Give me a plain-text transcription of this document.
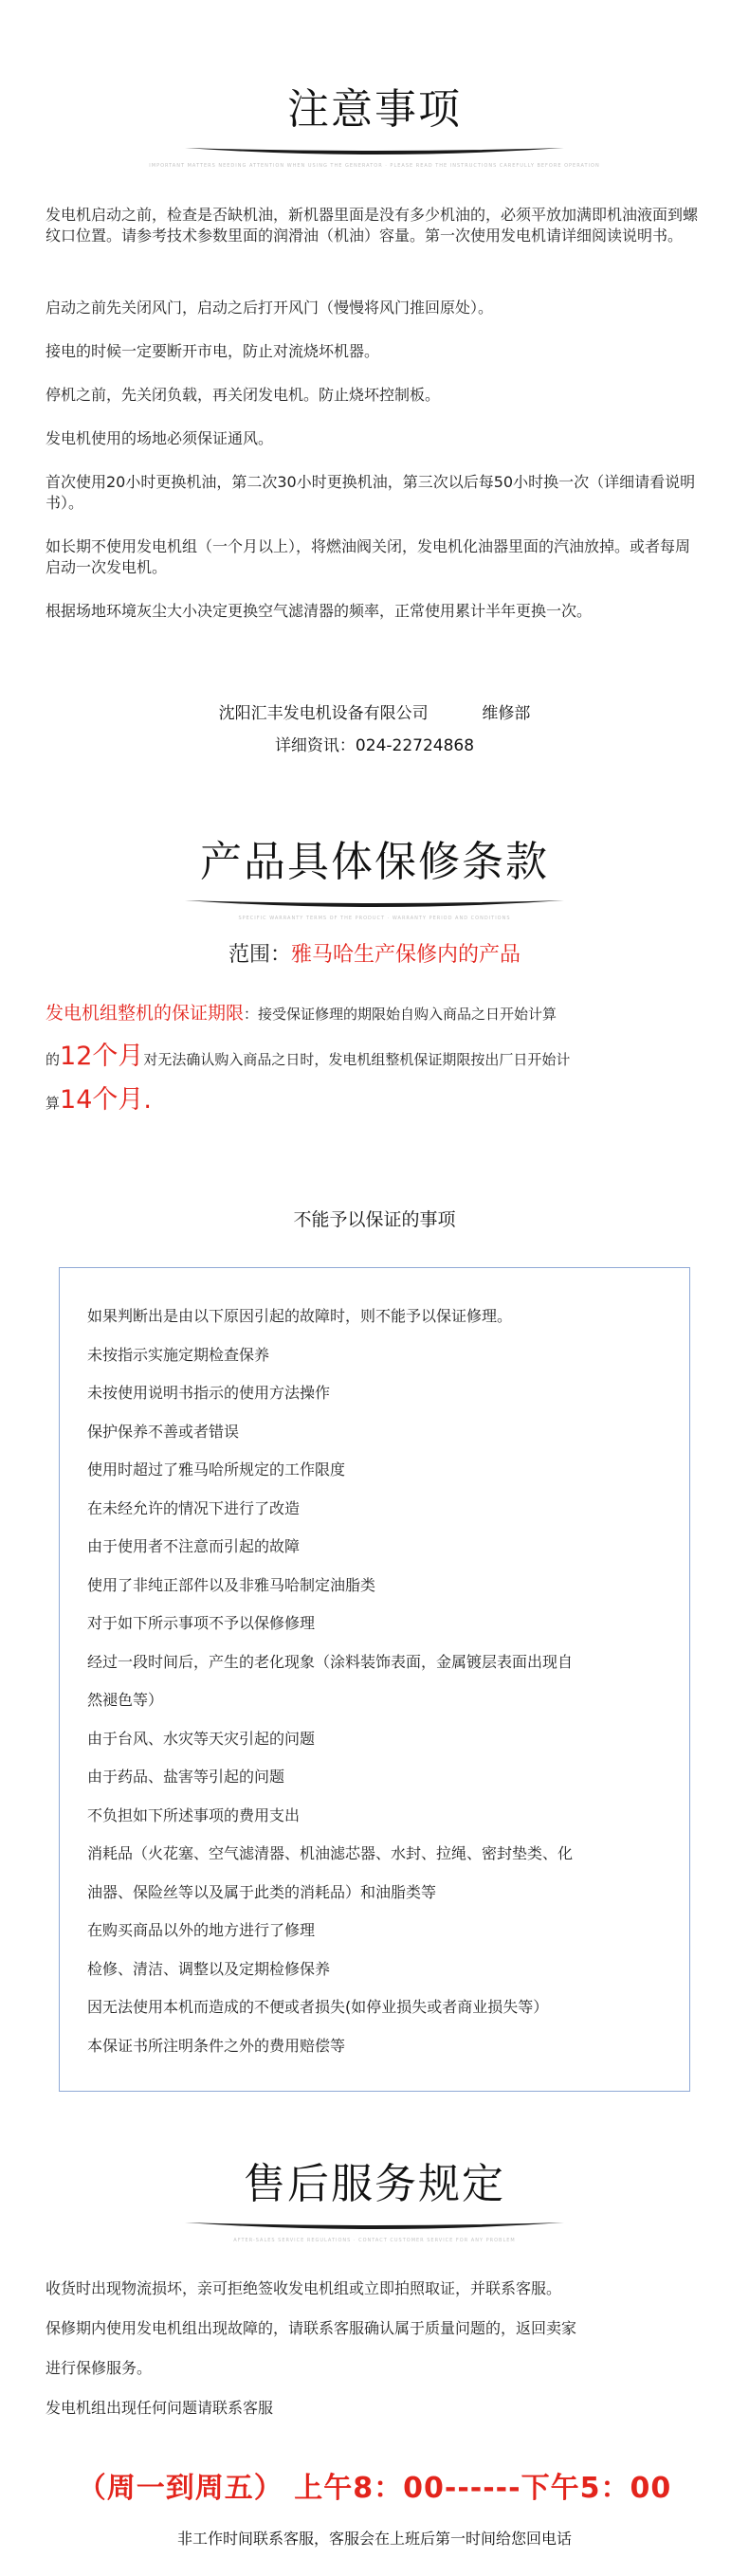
注意事项
IMPORTANT MATTERS NEEDING ATTENTION WHEN USING THE GENERATOR · PLEASE READ THE INSTRUCTIONS CAREFULLY BEFORE OPERATION
发电机启动之前，检查是否缺机油，新机器里面是没有多少机油的，必须平放加满即机油液面到螺纹口位置。请参考技术参数里面的润滑油（机油）容量。第一次使用发电机请详细阅读说明书。
启动之前先关闭风门，启动之后打开风门（慢慢将风门推回原处）。
接电的时候一定要断开市电，防止对流烧坏机器。
停机之前，先关闭负载，再关闭发电机。防止烧坏控制板。
发电机使用的场地必须保证通风。
首次使用20小时更换机油，第二次30小时更换机油，第三次以后每50小时换一次（详细请看说明书）。
如长期不使用发电机组（一个月以上），将燃油阀关闭，发电机化油器里面的汽油放掉。或者每周启动一次发电机。
根据场地环境灰尘大小决定更换空气滤清器的频率，正常使用累计半年更换一次。
沈阳汇丰发电机设备有限公司	维修部
详细资讯：024-22724868
产品具体保修条款
SPECIFIC WARRANTY TERMS OF THE PRODUCT · WARRANTY PERIOD AND CONDITIONS
范围：雅马哈生产保修内的产品
发电机组整机的保证期限：接受保证修理的期限始自购入商品之日开始计算
的12个月对无法确认购入商品之日时，发电机组整机保证期限按出厂日开始计
算14个月.
不能予以保证的事项
如果判断出是由以下原因引起的故障时，则不能予以保证修理。
未按指示实施定期检查保养
未按使用说明书指示的使用方法操作
保护保养不善或者错误
使用时超过了雅马哈所规定的工作限度
在未经允许的情况下进行了改造
由于使用者不注意而引起的故障
使用了非纯正部件以及非雅马哈制定油脂类
对于如下所示事项不予以保修修理
经过一段时间后，产生的老化现象（涂料装饰表面，金属镀层表面出现自
然褪色等）
由于台风、水灾等天灾引起的问题
由于药品、盐害等引起的问题
不负担如下所述事项的费用支出
消耗品（火花塞、空气滤清器、机油滤芯器、水封、拉绳、密封垫类、化
油器、保险丝等以及属于此类的消耗品）和油脂类等
在购买商品以外的地方进行了修理
检修、清洁、调整以及定期检修保养
因无法使用本机而造成的不便或者损失(如停业损失或者商业损失等）
本保证书所注明条件之外的费用赔偿等
售后服务规定
AFTER-SALES SERVICE REGULATIONS · CONTACT CUSTOMER SERVICE FOR ANY PROBLEM
收货时出现物流损坏，亲可拒绝签收发电机组或立即拍照取证，并联系客服。
保修期内使用发电机组出现故障的，请联系客服确认属于质量问题的，返回卖家
进行保修服务。
发电机组出现任何问题请联系客服
（周一到周五） 上午8：00------下午5：00
非工作时间联系客服，客服会在上班后第一时间给您回电话
